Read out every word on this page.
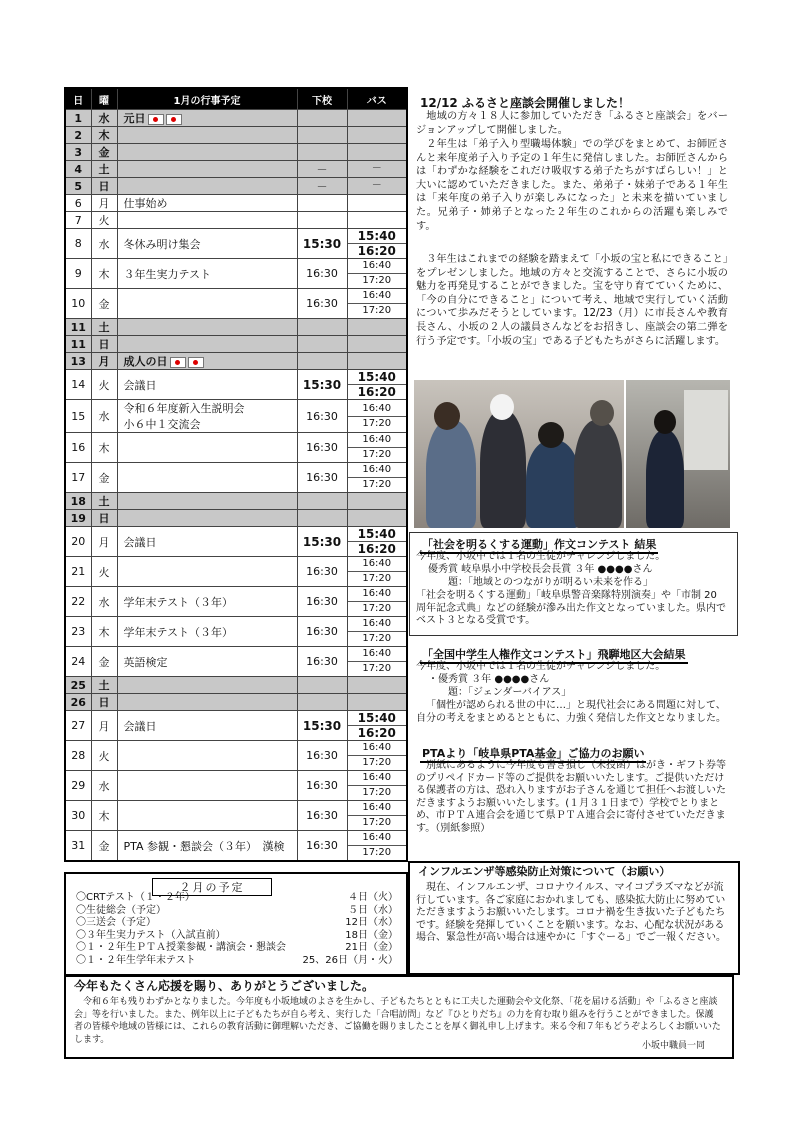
日	曜	1月の行事予定	下校	バス
1	水	元日		
2	木			
3	金			
4	土		－	－
5	日		－	－
6	月	仕事始め		
7	火			
8	水	冬休み明け集会	15:30	15:40
16:20
9	木	３年生実力テスト	16:30	16:40
17:20
10	金		16:30	16:40
17:20
11	土			
11	日			
13	月	成人の日		
14	火	会議日	15:30	15:40
16:20
15	水	令和６年度新入生説明会
小６中１交流会	16:30	16:40
17:20
16	木		16:30	16:40
17:20
17	金		16:30	16:40
17:20
18	土			
19	日			
20	月	会議日	15:30	15:40
16:20
21	火		16:30	16:40
17:20
22	水	学年末テスト（３年）	16:30	16:40
17:20
23	木	学年末テスト（３年）	16:30	16:40
17:20
24	金	英語検定	16:30	16:40
17:20
25	土			
26	日			
27	月	会議日	15:30	15:40
16:20
28	火		16:30	16:40
17:20
29	水		16:30	16:40
17:20
30	木		16:30	16:40
17:20
31	金	PTA 参観・懇談会（３年）　漢検	16:30	16:40
17:20
２月の予定
〇CRTテスト（１・２年）	４日（火）
〇生徒総会（予定）	５日（水）
〇三送会（予定）	12日（水）
〇３年生実力テスト（入試直前）	18日（金）
〇１・２年生ＰＴＡ授業参観・講演会・懇談会	21日（金）
〇１・２年生学年末テスト	25、26日（月・火）
12/12 ふるさと座談会開催しました！
地域の方々１８人に参加していただき「ふるさと座談会」をバージョンアップして開催しました。
２年生は「弟子入り型職場体験」での学びをまとめて、お師匠さんと来年度弟子入り予定の１年生に発信しました。お師匠さんからは「わずかな経験をこれだけ吸収する弟子たちがすばらしい！」と大いに認めていただきました。また、弟弟子・妹弟子である１年生は「来年度の弟子入りが楽しみになった」と未来を描いていました。兄弟子・姉弟子となった２年生のこれからの活躍も楽しみです。
３年生はこれまでの経験を踏まえて「小坂の宝と私にできること」をプレゼンしました。地域の方々と交流することで、さらに小坂の魅力を再発見することができました。宝を守り育てていくために、「今の自分にできること」について考え、地域で実行していく活動について歩みだそうとしています。12/23（月）に市長さんや教育長さん、小坂の２人の議員さんなどをお招きし、座談会の第二弾を行う予定です。「小坂の宝」である子どもたちがさらに活躍します。
「社会を明るくする運動」作文コンテスト 結果
今年度、小坂中では１名の生徒がチャレンジしました。
優秀賞 岐阜県小中学校長会長賞 ３年 ●●●●さん
題：「地域とのつながりが明るい未来を作る」
「社会を明るくする運動」「岐阜県警音楽隊特別演奏」や「市制 20 周年記念式典」などの経験が滲み出た作文となっていました。県内でベスト３となる受賞です。
「全国中学生人権作文コンテスト」飛騨地区大会結果
今年度、小坂中では１名の生徒がチャレンジしました。
・優秀賞 ３年 ●●●●さん
題：「ジェンダーバイアス」
「個性が認められる世の中に…」と現代社会にある問題に対して、自分の考えをまとめるとともに、力強く発信した作文となりました。
PTAより「岐阜県PTA基金」ご協力のお願い
別紙にあるように今年度も書き損じ（未投函）はがき・ギフト券等のプリペイドカード等のご提供をお願いいたします。ご提供いただける保護者の方は、恐れ入りますがお子さんを通じて担任へお渡しいただきますようお願いいたします。(１月３１日まで）学校でとりまとめ、市ＰＴＡ連合会を通じて県ＰＴＡ連合会に寄付させていただきます。（別紙参照）
インフルエンザ等感染防止対策について（お願い）
現在、インフルエンザ、コロナウイルス、マイコプラズマなどが流行しています。各ご家庭におかれましても、感染拡大防止に努めていただきますようお願いいたします。コロナ禍を生き抜いた子どもたちです。経験を発揮していくことを願います。なお、心配な状況がある場合、緊急性が高い場合は速やかに「すぐーる」でご一報ください。
今年もたくさん応援を賜り、ありがとうございました。
令和６年も残りわずかとなりました。今年度も小坂地域のよさを生かし、子どもたちとともに工夫した運動会や文化祭、「花を届ける活動」や「ふるさと座談会」等を行いました。また、例年以上に子どもたちが自ら考え、実行した「合唱訪問」など『ひとりだち』の力を育む取り組みを行うことができました。保護者の皆様や地域の皆様には、これらの教育活動に御理解いただき、ご協働を賜りましたことを厚く御礼申し上げます。来る令和７年もどうぞよろしくお願いいたします。
小坂中職員一同
